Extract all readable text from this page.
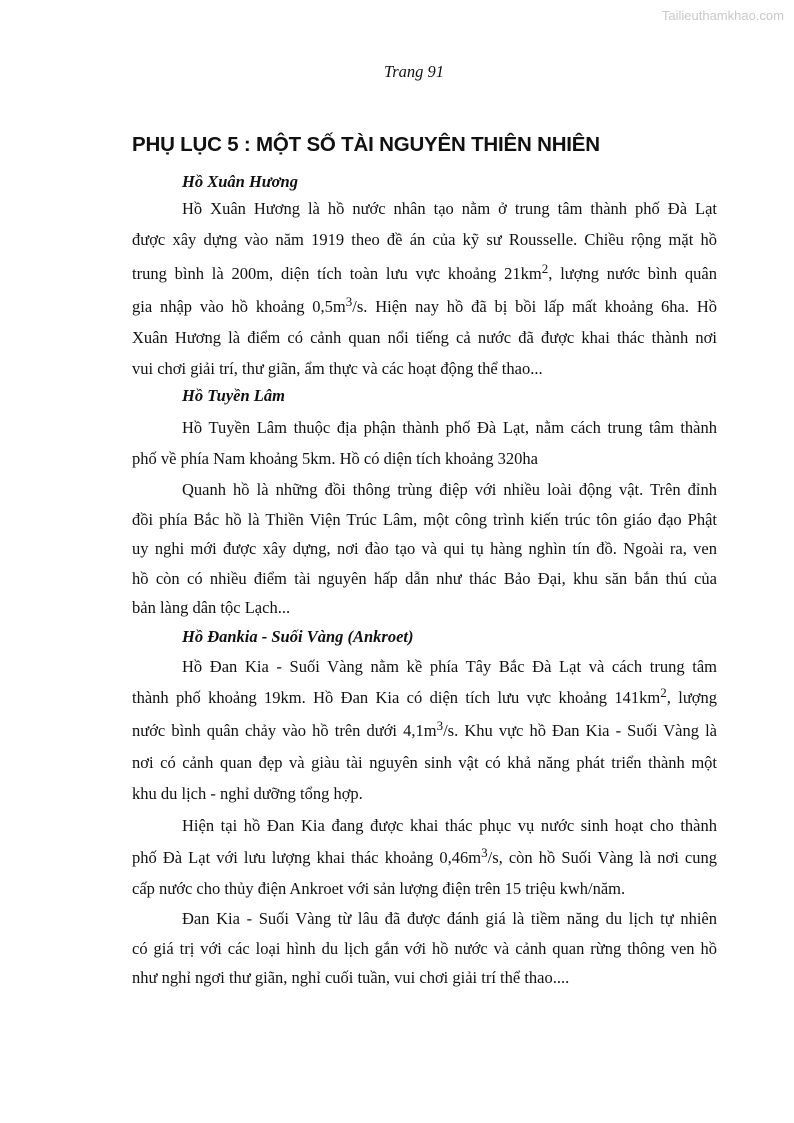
Tailieuthamkhao.com
Trang 91
PHỤ LỤC 5 : MỘT SỐ TÀI NGUYÊN THIÊN NHIÊN
Hồ Xuân Hương
Hồ Xuân Hương là hồ nước nhân tạo nằm ở trung tâm thành phố Đà Lạt
được xây dựng vào năm 1919 theo đề án của kỹ sư Rousselle. Chiều rộng mặt hồ
trung bình là 200m, diện tích toàn lưu vực khoảng $21km^2$, lượng nước bình quân
gia nhập vào hồ khoảng $0,5m^3/s$. Hiện nay hồ đã bị bồi lấp mất khoảng 6ha. Hồ
Xuân Hương là điểm có cảnh quan nổi tiếng cả nước đã được khai thác thành nơi
vui chơi giải trí, thư giãn, ẩm thực và các hoạt động thể thao...
Hồ Tuyền Lâm
Hồ Tuyền Lâm thuộc địa phận thành phố Đà Lạt, nằm cách trung tâm thành
phố về phía Nam khoảng 5km. Hồ có diện tích khoảng 320ha
Quanh hồ là những đồi thông trùng điệp với nhiều loài động vật. Trên đỉnh
đồi phía Bắc hồ là Thiền Viện Trúc Lâm, một công trình kiến trúc tôn giáo đạo Phật
uy nghi mới được xây dựng, nơi đào tạo và qui tụ hàng nghìn tín đồ. Ngoài ra, ven
hồ còn có nhiều điểm tài nguyên hấp dẫn như thác Bảo Đại, khu săn bắn thú của
bản làng dân tộc Lạch...
Hồ Đankia - Suối Vàng (Ankroet)
Hồ Đan Kia - Suối Vàng nằm kề phía Tây Bắc Đà Lạt và cách trung tâm
thành phố khoảng 19km. Hồ Đan Kia có diện tích lưu vực khoảng $141km^2$, lượng
nước bình quân chảy vào hồ trên dưới $4,1m^3/s$. Khu vực hồ Đan Kia - Suối Vàng là
nơi có cảnh quan đẹp và giàu tài nguyên sinh vật có khả năng phát triển thành một
khu du lịch - nghỉ dưỡng tổng hợp.
Hiện tại hồ Đan Kia đang được khai thác phục vụ nước sinh hoạt cho thành
phố Đà Lạt với lưu lượng khai thác khoảng $0,46m^3/s$, còn hồ Suối Vàng là nơi cung
cấp nước cho thủy điện Ankroet với sản lượng điện trên 15 triệu kwh/năm.
Đan Kia - Suối Vàng từ lâu đã được đánh giá là tiềm năng du lịch tự nhiên
có giá trị với các loại hình du lịch gắn với hồ nước và cảnh quan rừng thông ven hồ
như nghỉ ngơi thư giãn, nghỉ cuối tuần, vui chơi giải trí thể thao....
